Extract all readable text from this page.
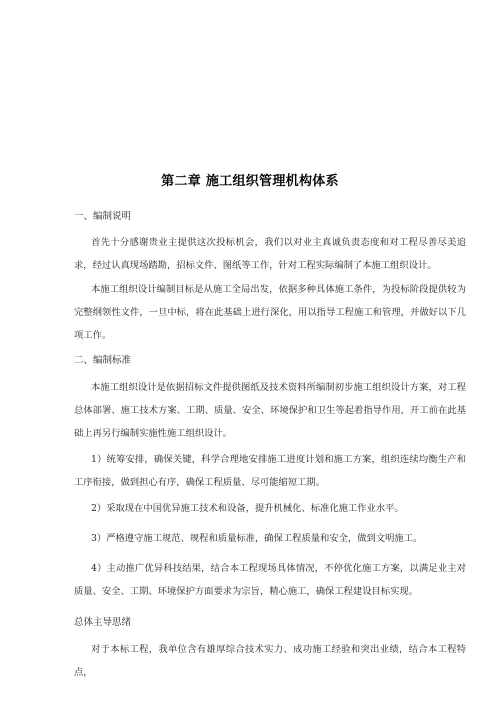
第二章 施工组织管理机构体系
一、编制说明
首先十分感谢贵业主提供这次投标机会，我们以对业主真诚负责态度和对工程尽善尽美追求，经过认真现场踏勘，招标文件、图纸等工作，针对工程实际编制了本施工组织设计。
本施工组织设计编制目标是从施工全局出发，依据多种具体施工条件，为投标阶段提供较为完整纲领性文件，一旦中标，将在此基础上进行深化，用以指导工程施工和管理，并做好以下几项工作。
二、编制标准
本施工组织设计是依据招标文件提供图纸及技术资料所编制初步施工组织设计方案，对工程总体部署、施工技术方案、工期、质量、安全、环境保护和卫生等起着指导作用，开工前在此基础上再另行编制实施性施工组织设计。
1）统筹安排，确保关键，科学合理地安排施工进度计划和施工方案，组织连续均衡生产和工序衔接，做到担心有序，确保工程质量、尽可能缩短工期。
2）采取现在中国优异施工技术和设备，提升机械化、标准化施工作业水平。
3）严格遵守施工规范、规程和质量标准，确保工程质量和安全，做到文明施工。
4）主动推广优异科技结果，结合本工程现场具体情况，不停优化施工方案，以满足业主对质量、安全、工期、环境保护方面要求为宗旨，精心施工，确保工程建设目标实现。
总体主导思绪
对于本标工程，我单位含有雄厚综合技术实力、成功施工经验和突出业绩，结合本工程特点，
